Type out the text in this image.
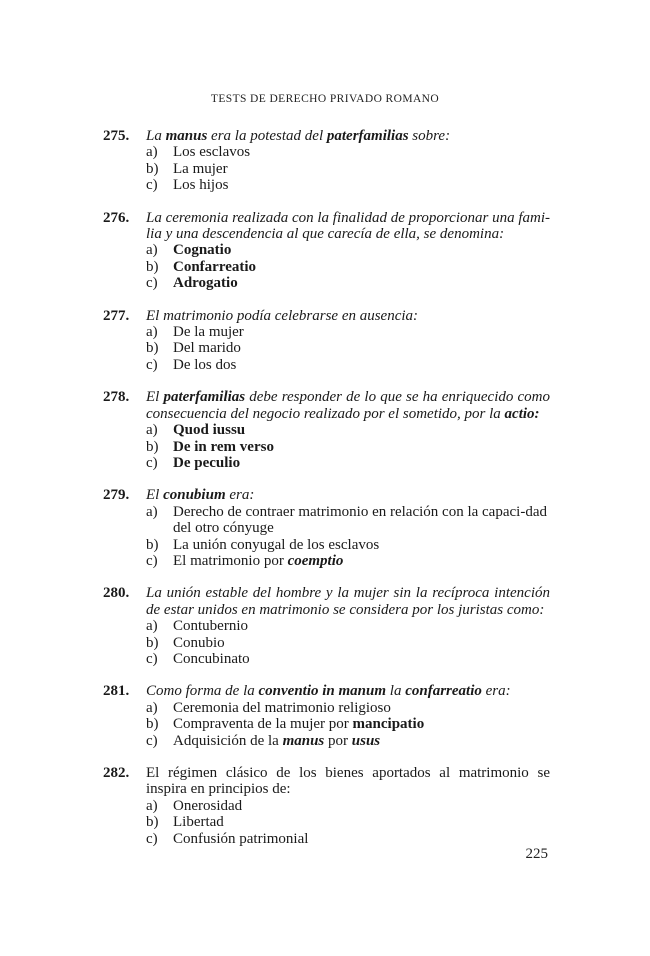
TESTS DE DERECHO PRIVADO ROMANO
275.	La manus era la potestad del paterfamilias sobre:
a)	Los esclavos
b) La mujer
c)	Los hijos
276.	La ceremonia realizada con la finalidad de proporcionar una fami-lia y una descendencia al que carecía de ella, se denomina:
a)	Cognatio
b) Confarreatio
c)	Adrogatio
277.	El matrimonio podía celebrarse en ausencia:
a)	De la mujer
b) Del marido
c)	De los dos
278.	El paterfamilias debe responder de lo que se ha enriquecido como consecuencia del negocio realizado por el sometido, por la actio:
a)	Quod iussu
b) De in rem verso
c)	De peculio
279.	El conubium era:
a)	Derecho de contraer matrimonio en relación con la capaci-dad del otro cónyuge
b) La unión conyugal de los esclavos
c)	El matrimonio por coemptio
280.	La unión estable del hombre y la mujer sin la recíproca intención de estar unidos en matrimonio se considera por los juristas como:
a)	Contubernio
b) Conubio
c)	Concubinato
281.	Como forma de la conventio in manum la confarreatio era:
a)	Ceremonia del matrimonio religioso
b) Compraventa de la mujer por mancipatio
c)	Adquisición de la manus por usus
282.	El régimen clásico de los bienes aportados al matrimonio se inspira en principios de:
a)	Onerosidad
b) Libertad
c)	Confusión patrimonial
225
